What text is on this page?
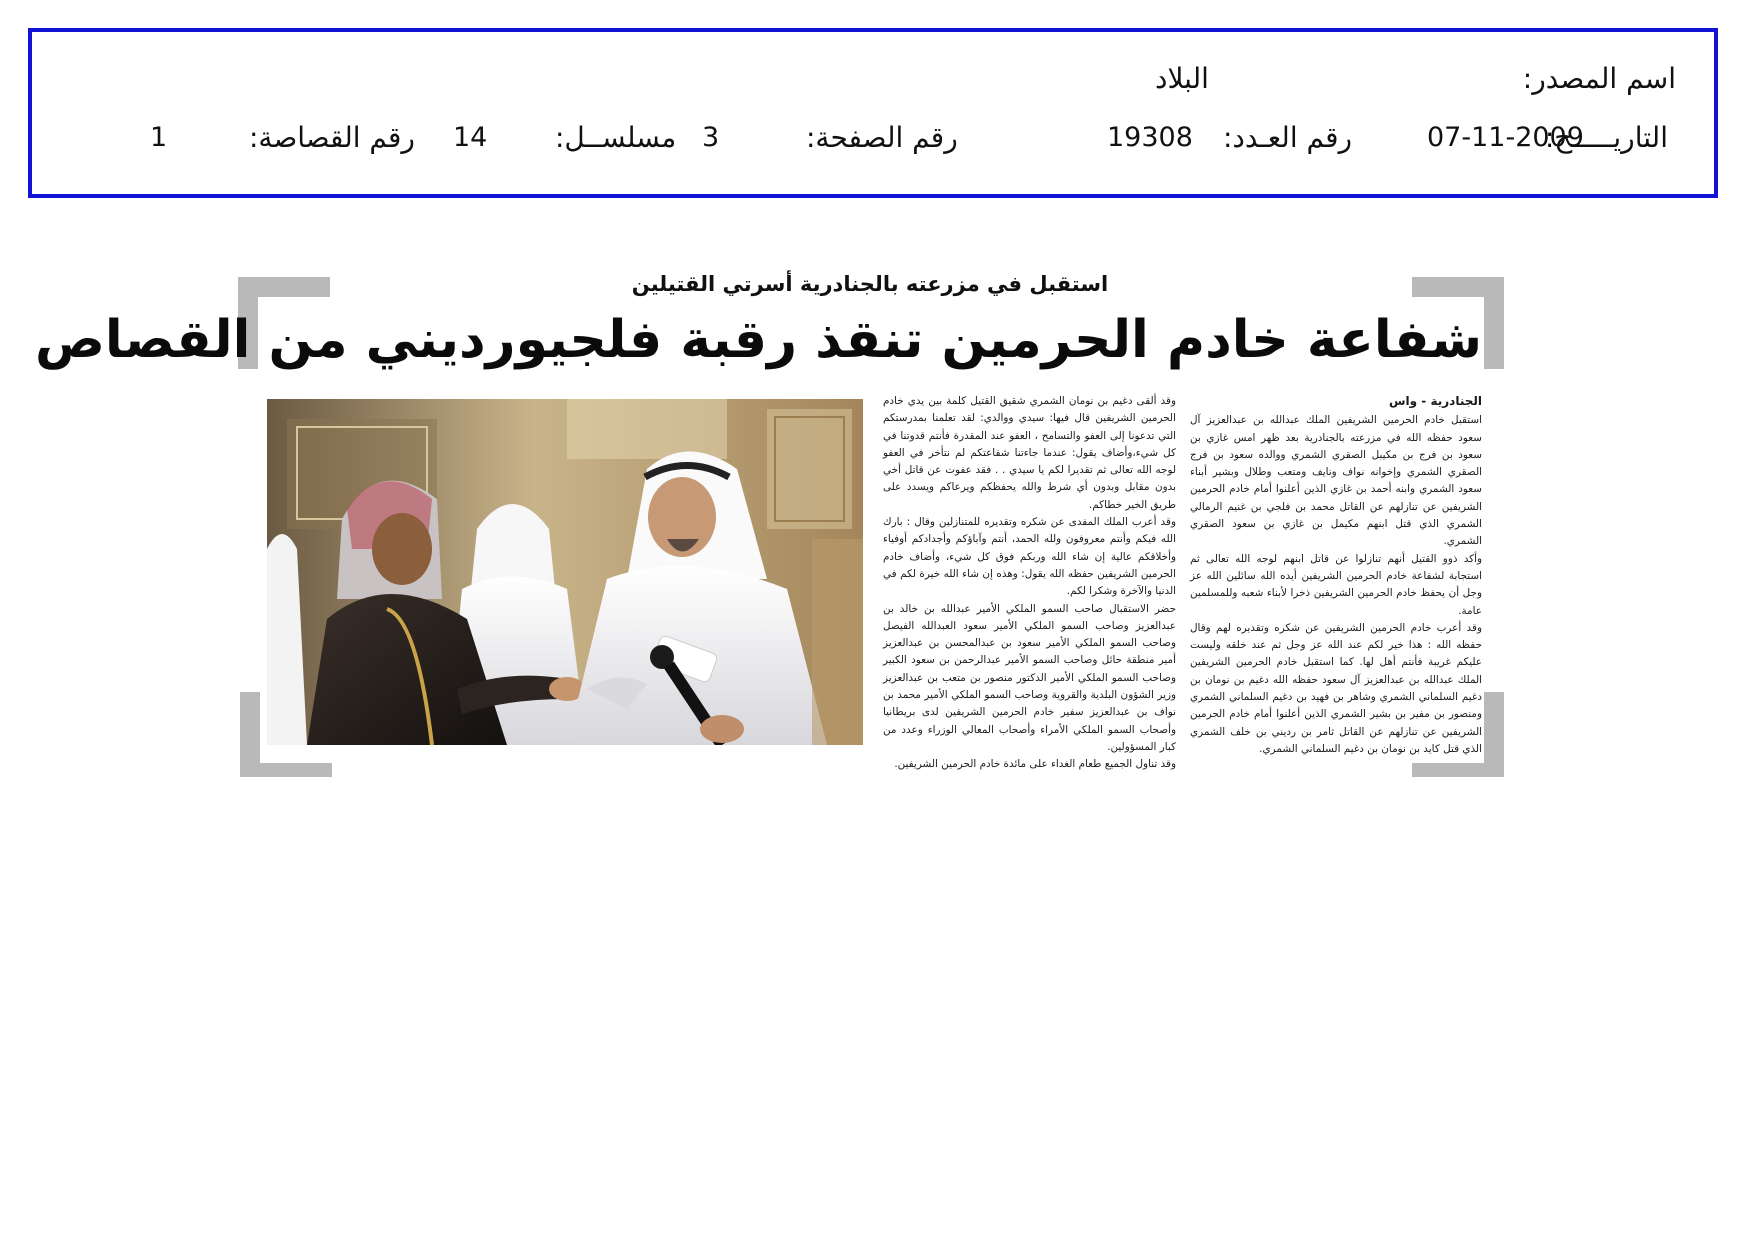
اسم المصدر:
البلاد
التاريـــــخ:
07-11-2009
رقم العـدد:
19308
رقم الصفحة:
3
مسلســل:
14
رقم القصاصة:
1
استقبل في مزرعته بالجنادرية أسرتي القتيلين
شفاعة خادم الحرمين تنقذ رقبة فلجيورديني من القصاص

الجنادرية - واس

استقبل خادم الحرمين الشريفين الملك عبدالله بن عبدالعزيز آل سعود حفظه الله في مزرعته بالجنادرية بعد ظهر امس غازي بن سعود بن فرج بن مكيبل الصقري الشمري ووالده سعود بن فرج الصقري الشمري وإخوانه نواف ونايف ومتعب وطلال وبشير أبناء سعود الشمري وابنه أحمد بن غازي الذين أعلنوا أمام خادم الحرمين الشريفين عن تنازلهم عن القاتل محمد بن فلجي بن غنيم الرمالي الشمري الذي قتل ابنهم مكيمل بن غازي بن سعود الصقري الشمري.

وأكد ذوو القتيل أنهم تنازلوا عن قاتل ابنهم لوجه الله تعالى ثم استجابة لشفاعة خادم الحرمين الشريفين أيده الله سائلين الله عز وجل أن يحفظ خادم الحرمين الشريفين ذخرا لأبناء شعبه وللمسلمين عامة.

وقد أعرب خادم الحرمين الشريفين عن شكره وتقديره لهم وقال حفظه الله : هذا خير لكم عند الله عز وجل ثم عند خلقه وليست عليكم غريبة فأنتم أهل لها. كما استقبل خادم الحرمين الشريفين الملك عبدالله بن عبدالعزيز آل سعود حفظه الله دغيم بن نومان بن دغيم السلماني الشمري وشاهر بن فهيد بن دغيم السلماني الشمري ومنصور بن مفير بن بشير الشمري الذين أعلنوا أمام خادم الحرمين الشريفين عن تنازلهم عن القاتل ثامر بن رديني بن خلف الشمري الذي قتل كايد بن نومان بن دغيم السلماني الشمري.

وقد ألقى دغيم بن نومان الشمري شقيق القتيل كلمة بين يدي خادم الحرمين الشريفين قال فيها: سيدي ووالدي: لقد تعلمنا بمدرستكم التي تدعونا إلى العفو والتسامح ، العفو عند المقدرة فأنتم قدوتنا في كل شيء،وأضاف يقول: عندما جاءتنا شفاعتكم لم نتأخر في العفو لوجه الله تعالى ثم تقديرا لكم يا سيدي . . فقد عفوت عن قاتل أخي بدون مقابل وبدون أي شرط والله يحفظكم ويرعاكم ويسدد على طريق الخير خطاكم.

وقد أعرب الملك المفدى عن شكره وتقديره للمتنازلين وقال : بارك الله فيكم وأنتم معروفون ولله الحمد، أنتم وآباؤكم وأجدادكم أوفياء وأخلاقكم عالية إن شاء الله وربكم فوق كل شيء، وأضاف خادم الحرمين الشريفين حفظه الله يقول: وهذه إن شاء الله خيرة لكم في الدنيا والآخرة وشكرا لكم.

حضر الاستقبال صاحب السمو الملكي الأمير عبدالله بن خالد بن عبدالعزيز وصاحب السمو الملكي الأمير سعود العبدالله الفيصل وصاحب السمو الملكي الأمير سعود بن عبدالمحسن بن عبدالعزيز أمير منطقة حائل وصاحب السمو الأمير عبدالرحمن بن سعود الكبير وصاحب السمو الملكي الأمير الدكتور منصور بن متعب بن عبدالعزيز وزير الشؤون البلدية والقروية وصاحب السمو الملكي الأمير محمد بن نواف بن عبدالعزيز سفير خادم الحرمين الشريفين لدى بريطانيا وأصحاب السمو الملكي الأمراء وأصحاب المعالي الوزراء وعدد من كبار المسؤولين.

وقد تناول الجميع طعام الغداء على مائدة خادم الحرمين الشريفين.
